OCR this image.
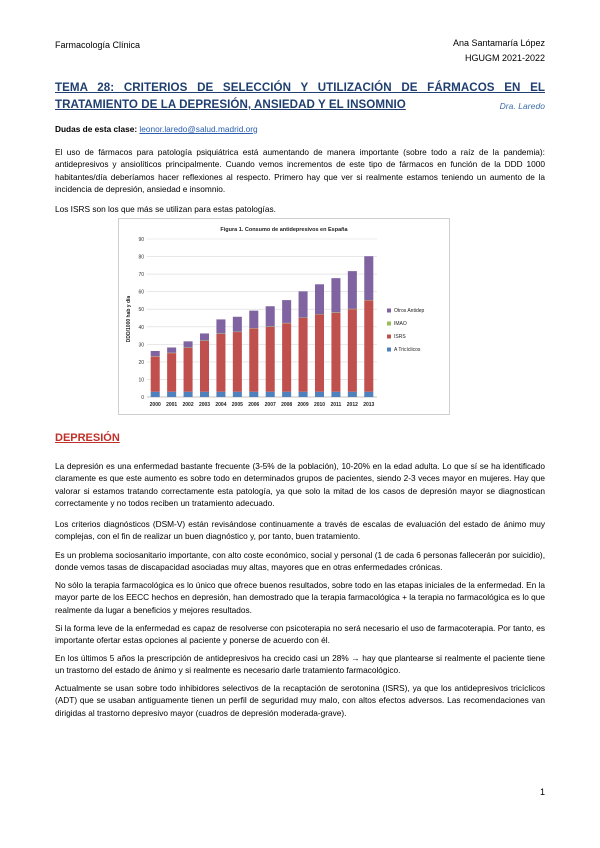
Farmacología Clínica	Ana Santamaría López
HGUGM 2021-2022
TEMA 28: CRITERIOS DE SELECCIÓN Y UTILIZACIÓN DE FÁRMACOS EN EL
TRATAMIENTO DE LA DEPRESIÓN, ANSIEDAD Y EL INSOMNIO	Dra. Laredo
Dudas de esta clase: leonor.laredo@salud.madrid.org
El uso de fármacos para patología psiquiátrica está aumentando de manera importante (sobre todo a raíz de la pandemia): antidepresivos y ansiolíticos principalmente. Cuando vemos incrementos de este tipo de fármacos en función de la DDD 1000 habitantes/día deberíamos hacer reflexiones al respecto. Primero hay que ver si realmente estamos teniendo un aumento de la incidencia de depresión, ansiedad e insomnio.
Los ISRS son los que más se utilizan para estas patologías.
Figura 1. Consumo de antidepresivos en España
DDD/1000 hab y día
0
10
20
30
40
50
60
70
80
90
2000 2001 2002 2003 2004 2005 2006 2007 2008 2009 2010 2011 2012 2013
Otros Antidep
IMAO
ISRS
A Tricíclicos
DEPRESIÓN
La depresión es una enfermedad bastante frecuente (3-5% de la población), 10-20% en la edad adulta. Lo que sí se ha identificado claramente es que este aumento es sobre todo en determinados grupos de pacientes, siendo 2-3 veces mayor en mujeres. Hay que valorar si estamos tratando correctamente esta patología, ya que solo la mitad de los casos de depresión mayor se diagnostican correctamente y no todos reciben un tratamiento adecuado.
Los criterios diagnósticos (DSM-V) están revisándose continuamente a través de escalas de evaluación del estado de ánimo muy complejas, con el fin de realizar un buen diagnóstico y, por tanto, buen tratamiento.
Es un problema sociosanitario importante, con alto coste económico, social y personal (1 de cada 6 personas fallecerán por suicidio), donde vemos tasas de discapacidad asociadas muy altas, mayores que en otras enfermedades crónicas.
No sólo la terapia farmacológica es lo único que ofrece buenos resultados, sobre todo en las etapas iniciales de la enfermedad. En la mayor parte de los EECC hechos en depresión, han demostrado que la terapia farmacológica + la terapia no farmacológica es lo que realmente da lugar a beneficios y mejores resultados.
Si la forma leve de la enfermedad es capaz de resolverse con psicoterapia no será necesario el uso de farmacoterapia. Por tanto, es importante ofertar estas opciones al paciente y ponerse de acuerdo con él.
En los últimos 5 años la prescripción de antidepresivos ha crecido casi un 28% → hay que plantearse si realmente el paciente tiene un trastorno del estado de ánimo y si realmente es necesario darle tratamiento farmacológico.
Actualmente se usan sobre todo inhibidores selectivos de la recaptación de serotonina (ISRS), ya que los antidepresivos tricíclicos (ADT) que se usaban antiguamente tienen un perfil de seguridad muy malo, con altos efectos adversos. Las recomendaciones van dirigidas al trastorno depresivo mayor (cuadros de depresión moderada-grave).
1
